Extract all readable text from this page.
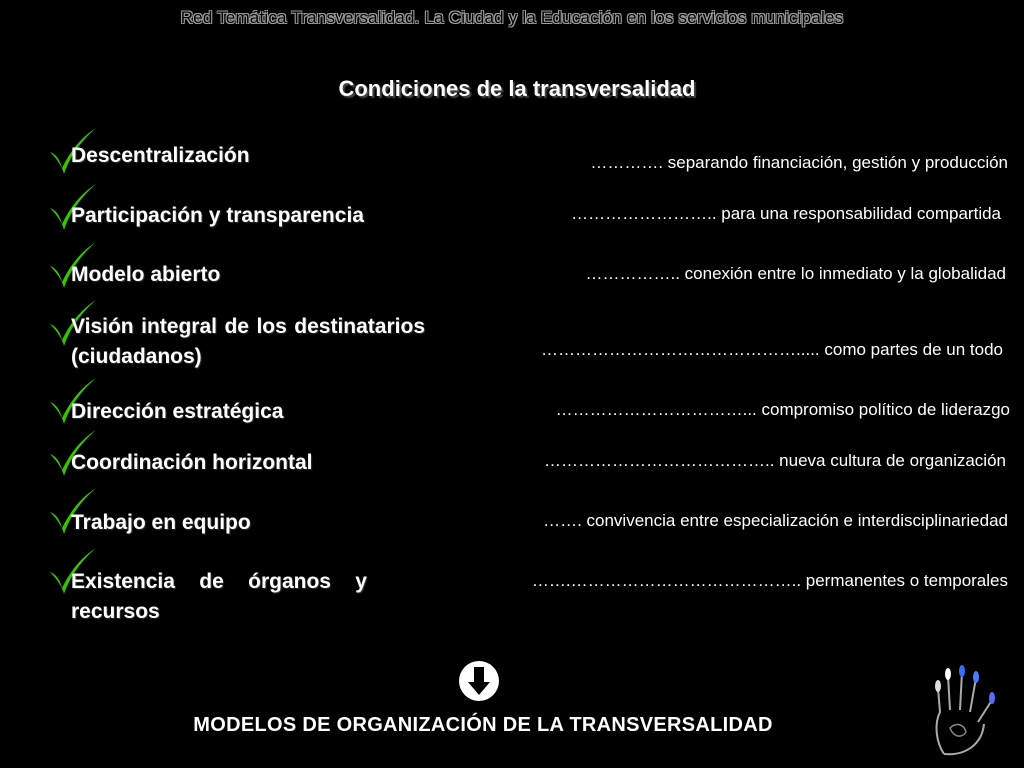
Red Temática Transversalidad. La Ciudad y la Educación en los servicios municipales
Condiciones de la transversalidad
Descentralización
Participación y transparencia
Modelo abierto
Visión integral de los destinatarios (ciudadanos)
Dirección estratégica
Coordinación horizontal
Trabajo en equipo
Existencia de órganos y recursos
…………. separando financiación, gestión y producción
…………………….. para una responsabilidad compartida
…………….. conexión entre lo inmediato y la globalidad
………………………………………..... como partes de un todo
……………………………... compromiso político de liderazgo
………………………………….. nueva cultura de organización
……. convivencia entre especialización e interdisciplinariedad
…….………………………………….. permanentes o temporales
MODELOS DE ORGANIZACIÓN DE LA TRANSVERSALIDAD
